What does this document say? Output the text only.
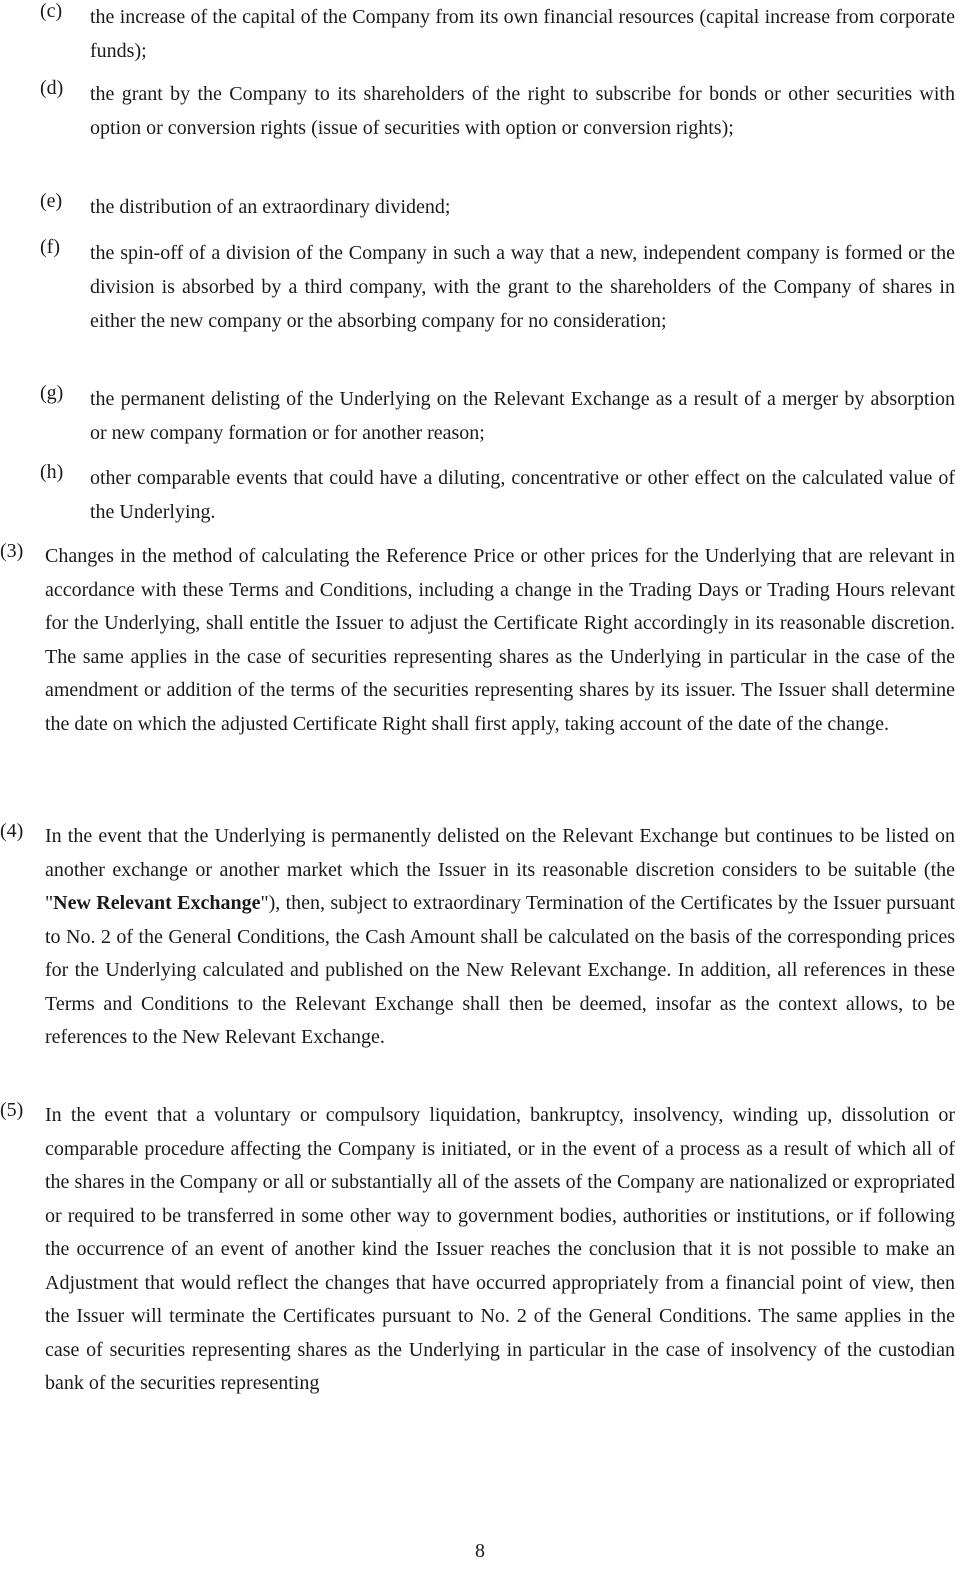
(c) the increase of the capital of the Company from its own financial resources (capital increase from corporate funds);
(d) the grant by the Company to its shareholders of the right to subscribe for bonds or other securities with option or conversion rights (issue of securities with option or conversion rights);
(e) the distribution of an extraordinary dividend;
(f) the spin-off of a division of the Company in such a way that a new, independent company is formed or the division is absorbed by a third company, with the grant to the shareholders of the Company of shares in either the new company or the absorbing company for no consideration;
(g) the permanent delisting of the Underlying on the Relevant Exchange as a result of a merger by absorption or new company formation or for another reason;
(h) other comparable events that could have a diluting, concentrative or other effect on the calculated value of the Underlying.
(3) Changes in the method of calculating the Reference Price or other prices for the Underlying that are relevant in accordance with these Terms and Conditions, including a change in the Trading Days or Trading Hours relevant for the Underlying, shall entitle the Issuer to adjust the Certificate Right accordingly in its reasonable discretion. The same applies in the case of securities representing shares as the Underlying in particular in the case of the amendment or addition of the terms of the securities representing shares by its issuer. The Issuer shall determine the date on which the adjusted Certificate Right shall first apply, taking account of the date of the change.
(4) In the event that the Underlying is permanently delisted on the Relevant Exchange but continues to be listed on another exchange or another market which the Issuer in its reasonable discretion considers to be suitable (the "New Relevant Exchange"), then, subject to extraordinary Termination of the Certificates by the Issuer pursuant to No. 2 of the General Conditions, the Cash Amount shall be calculated on the basis of the corresponding prices for the Underlying calculated and published on the New Relevant Exchange. In addition, all references in these Terms and Conditions to the Relevant Exchange shall then be deemed, insofar as the context allows, to be references to the New Relevant Exchange.
(5) In the event that a voluntary or compulsory liquidation, bankruptcy, insolvency, winding up, dissolution or comparable procedure affecting the Company is initiated, or in the event of a process as a result of which all of the shares in the Company or all or substantially all of the assets of the Company are nationalized or expropriated or required to be transferred in some other way to government bodies, authorities or institutions, or if following the occurrence of an event of another kind the Issuer reaches the conclusion that it is not possible to make an Adjustment that would reflect the changes that have occurred appropriately from a financial point of view, then the Issuer will terminate the Certificates pursuant to No. 2 of the General Conditions. The same applies in the case of securities representing shares as the Underlying in particular in the case of insolvency of the custodian bank of the securities representing
8
